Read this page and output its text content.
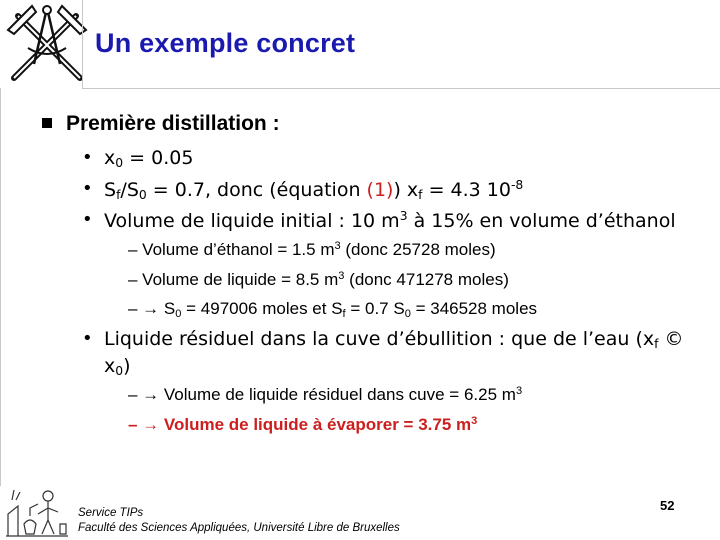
Un exemple concret
Première distillation :
• $x_0 = 0.05$
• $S_f/S_0 = 0.7$, donc (équation (1)) $x_f = 4.3$ $10^{-8}$
• Volume de liquide initial : 10 $m^3$ à 15% en volume d’éthanol
– Volume d’éthanol = 1.5 $m^3$ (donc 25728 moles)
– Volume de liquide = 8.5 $m^3$ (donc 471278 moles)
– → $S_0 = 497006$ moles et $S_f = 0.7$ $S_0 = 346528$ moles
• Liquide résiduel dans la cuve d’ébullition : que de l’eau ($x_f$ ©
$x_0$)
– → Volume de liquide résiduel dans cuve = 6.25 $m^3$
– → Volume de liquide à évaporer = 3.75 $m^3$
Service TIPs
Faculté des Sciences Appliquées, Université Libre de Bruxelles
52
